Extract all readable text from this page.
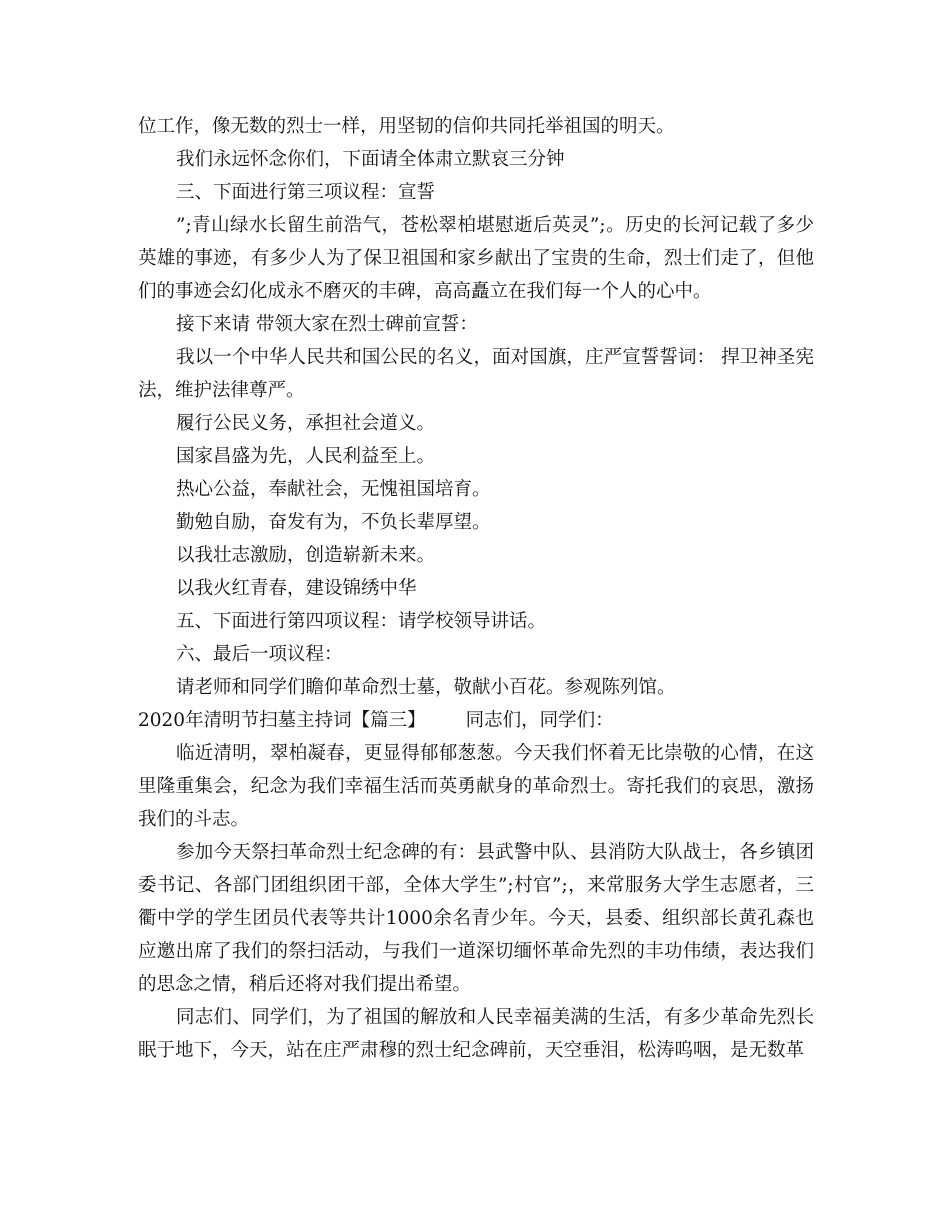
位工作，像无数的烈士一样，用坚韧的信仰共同托举祖国的明天。

我们永远怀念你们，下面请全体肃立默哀三分钟

三、下面进行第三项议程：宣誓

”;青山绿水长留生前浩气，苍松翠柏堪慰逝后英灵”;。历史的长河记载了多少英雄的事迹，有多少人为了保卫祖国和家乡献出了宝贵的生命，烈士们走了，但他们的事迹会幻化成永不磨灭的丰碑，高高矗立在我们每一个人的心中。

接下来请 带领大家在烈士碑前宣誓：

我以一个中华人民共和国公民的名义，面对国旗，庄严宣誓誓词： 捍卫神圣宪法，维护法律尊严。

履行公民义务，承担社会道义。

国家昌盛为先，人民利益至上。

热心公益，奉献社会，无愧祖国培育。

勤勉自励，奋发有为，不负长辈厚望。

以我壮志激励，创造崭新未来。

以我火红青春，建设锦绣中华

五、下面进行第四项议程：请学校领导讲话。

六、最后一项议程：

请老师和同学们瞻仰革命烈士墓，敬献小百花。参观陈列馆。

2020年清明节扫墓主持词【篇三】 同志们，同学们：

临近清明，翠柏凝春，更显得郁郁葱葱。今天我们怀着无比崇敬的心情，在这里隆重集会，纪念为我们幸福生活而英勇献身的革命烈士。寄托我们的哀思，激扬我们的斗志。

参加今天祭扫革命烈士纪念碑的有：县武警中队、县消防大队战士，各乡镇团委书记、各部门团组织团干部，全体大学生”;村官”;，来常服务大学生志愿者，三衢中学的学生团员代表等共计1000余名青少年。今天，县委、组织部长黄孔森也应邀出席了我们的祭扫活动，与我们一道深切缅怀革命先烈的丰功伟绩，表达我们的思念之情，稍后还将对我们提出希望。

同志们、同学们，为了祖国的解放和人民幸福美满的生活，有多少革命先烈长眠于地下，今天，站在庄严肃穆的烈士纪念碑前，天空垂泪，松涛呜咽，是无数革
